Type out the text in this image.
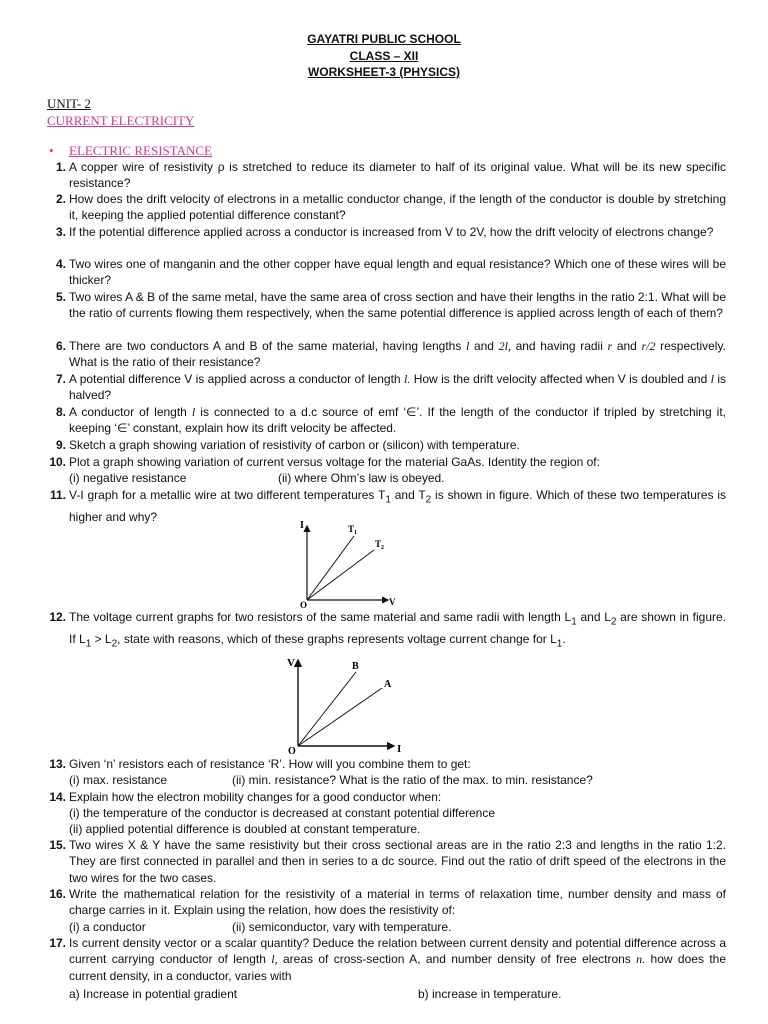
GAYATRI PUBLIC SCHOOL
CLASS – XII
WORKSHEET-3 (PHYSICS)
UNIT- 2
CURRENT ELECTRICITY
• ELECTRIC RESISTANCE
1. A copper wire of resistivity ρ is stretched to reduce its diameter to half of its original value. What will be its new specific resistance?
2. How does the drift velocity of electrons in a metallic conductor change, if the length of the conductor is double by stretching it, keeping the applied potential difference constant?
3. If the potential difference applied across a conductor is increased from V to 2V, how the drift velocity of electrons change?
4. Two wires one of manganin and the other copper have equal length and equal resistance? Which one of these wires will be thicker?
5. Two wires A & B of the same metal, have the same area of cross section and have their lengths in the ratio 2:1. What will be the ratio of currents flowing them respectively, when the same potential difference is applied across length of each of them?
6. There are two conductors A and B of the same material, having lengths l and 2l, and having radii r and r/2 respectively. What is the ratio of their resistance?
7. A potential difference V is applied across a conductor of length l. How is the drift velocity affected when V is doubled and l is halved?
8. A conductor of length l is connected to a d.c source of emf ‘∈’. If the length of the conductor if tripled by stretching it, keeping ‘∈’ constant, explain how its drift velocity be affected.
9. Sketch a graph showing variation of resistivity of carbon or (silicon) with temperature.
10. Plot a graph showing variation of current versus voltage for the material GaAs. Identity the region of:
(i) negative resistance	(ii) where Ohm’s law is obeyed.
11. V-I graph for a metallic wire at two different temperatures $T_1$ and $T_2$ is shown in figure. Which of these two temperatures is higher and why?
I
V
O
$T_1$
$T_2$
12. The voltage current graphs for two resistors of the same material and same radii with length $L_1$ and $L_2$ are shown in figure. If $L_1 > L_2$, state with reasons, which of these graphs represents voltage current change for $L_1$.
V
I
O
B
A
13. Given ‘n’ resistors each of resistance ‘R’. How will you combine them to get:
(i) max. resistance	(ii) min. resistance? What is the ratio of the max. to min. resistance?
14. Explain how the electron mobility changes for a good conductor when:
(i) the temperature of the conductor is decreased at constant potential difference
(ii) applied potential difference is doubled at constant temperature.
15. Two wires X & Y have the same resistivity but their cross sectional areas are in the ratio 2:3 and lengths in the ratio 1:2. They are first connected in parallel and then in series to a dc source. Find out the ratio of drift speed of the electrons in the two wires for the two cases.
16. Write the mathematical relation for the resistivity of a material in terms of relaxation time, number density and mass of charge carries in it. Explain using the relation, how does the resistivity of:
(i) a conductor	(ii) semiconductor, vary with temperature.
17. Is current density vector or a scalar quantity? Deduce the relation between current density and potential difference across a current carrying conductor of length l, areas of cross-section A, and number density of free electrons n. how does the current density, in a conductor, varies with
a) Increase in potential gradient	b) increase in temperature.
